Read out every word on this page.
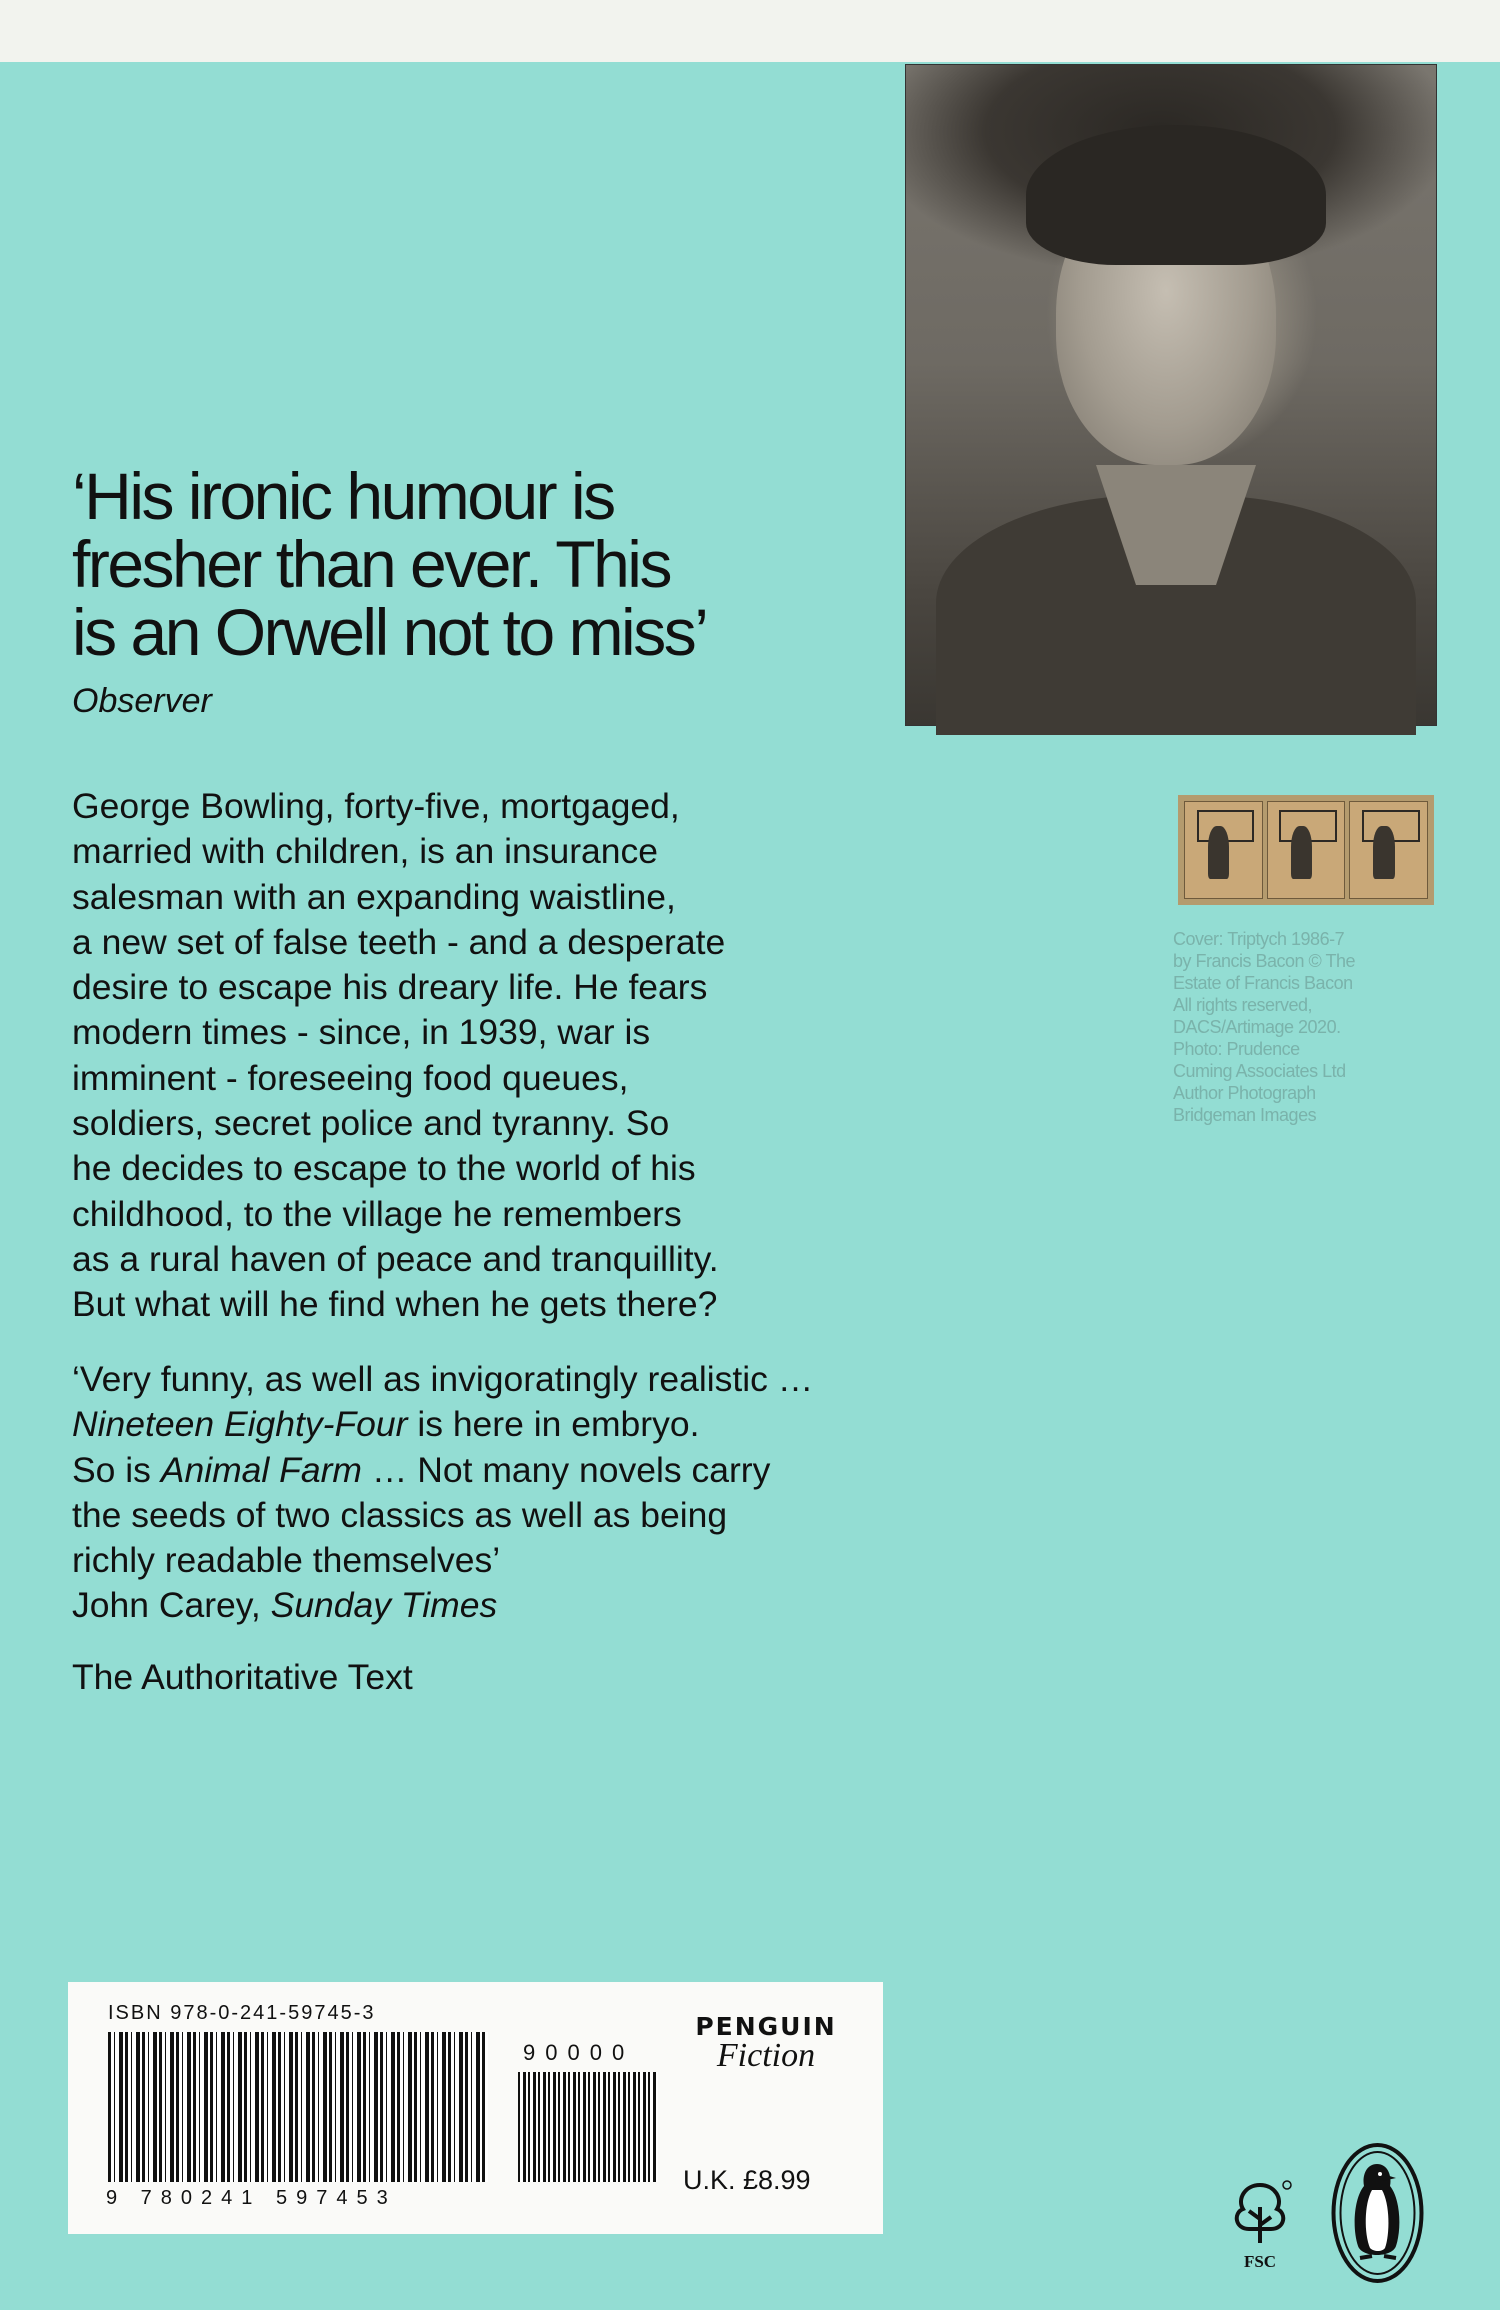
‘His ironic humour is
fresher than ever. This
is an Orwell not to miss’
Observer
George Bowling, forty-five, mortgaged,
married with children, is an insurance
salesman with an expanding waistline,
a new set of false teeth - and a desperate
desire to escape his dreary life. He fears
modern times - since, in 1939, war is
imminent - foreseeing food queues,
soldiers, secret police and tyranny. So
he decides to escape to the world of his
childhood, to the village he remembers
as a rural haven of peace and tranquillity.
But what will he find when he gets there?

‘Very funny, as well as invigoratingly realistic …

Nineteen Eighty-Four is here in embryo.

So is Animal Farm … Not many novels carry

the seeds of two classics as well as being

richly readable themselves’

John Carey, Sunday Times

The Authoritative Text
Cover: Triptych 1986-7
by Francis Bacon © The
Estate of Francis Bacon
All rights reserved,
DACS/Artimage 2020.
Photo: Prudence
Cuming Associates Ltd
Author Photograph
Bridgeman Images
ISBN 978-0-241-59745-3
9 780241 597453
90000
PENGUIN
Fiction
U.K. £8.99
FSC
